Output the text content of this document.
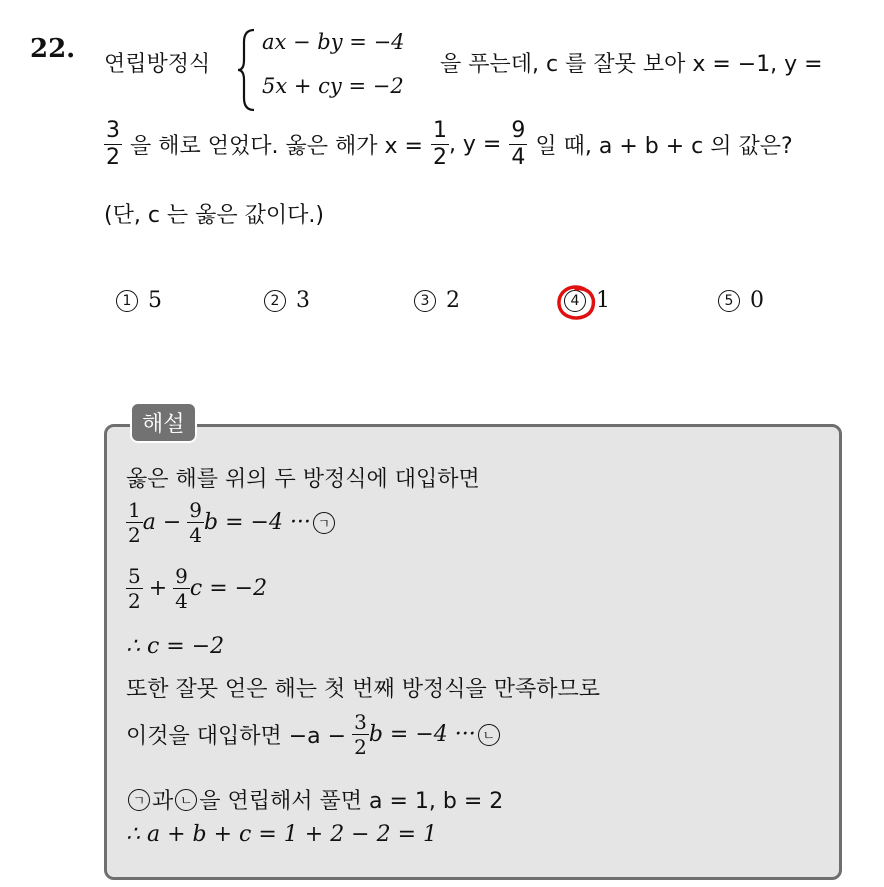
22.
연립방정식
ax − by = −4
5x + cy = −2
을 푸는데, c 를 잘못 보아 x = −1, y =
$\frac{3}{2}$ 을 해로 얻었다. 옳은 해가 $x = \frac{1}{2}$ , $y = \frac{9}{4}$ 일 때, a + b + c 의 값은?
(단, c 는 옳은 값이다.)
1 5	2 3	3 2	4 1	5 0
해설
옳은 해를 위의 두 방정식에 대입하면
$\frac{1}{2}$ $a - \frac{9}{4}$ b = −4 ··· ㄱ
$\frac{5}{2} + \frac{9}{4}$ c = −2
∴ c = −2
또한 잘못 얻은 해는 첫 번째 방정식을 만족하므로
이것을 대입하면 $-a - \frac{3}{2}$ b = −4 ··· ㄴ
ㄱ 과 ㄴ 을 연립해서 풀면 a = 1, b = 2
∴ a + b + c = 1 + 2 − 2 = 1
